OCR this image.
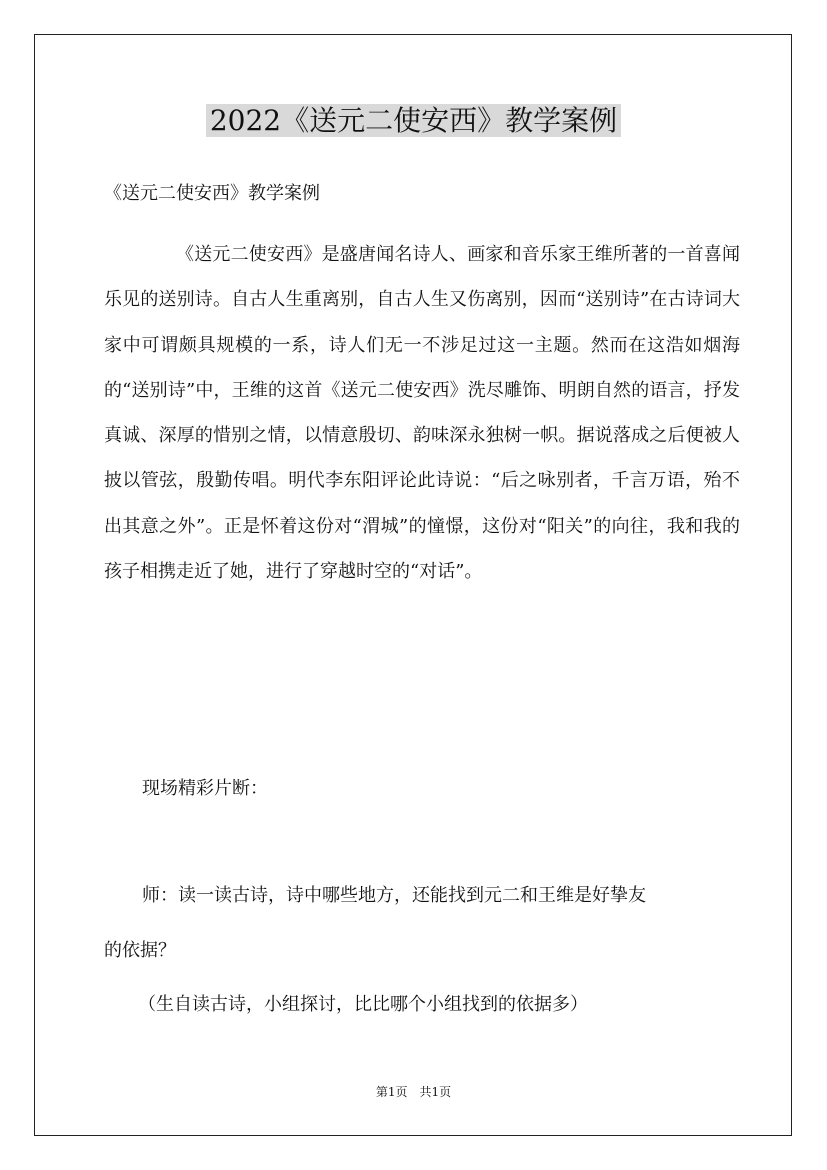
2022《送元二使安西》教学案例
《送元二使安西》教学案例

《送元二使安西》是盛唐闻名诗人、画家和音乐家王维所著的一首喜闻乐见的送别诗。自古人生重离别，自古人生又伤离别，因而“送别诗”在古诗词大家中可谓颇具规模的一系，诗人们无一不涉足过这一主题。然而在这浩如烟海的“送别诗”中，王维的这首《送元二使安西》洗尽雕饰、明朗自然的语言，抒发真诚、深厚的惜别之情，以情意殷切、韵味深永独树一帜。据说落成之后便被人披以管弦，殷勤传唱。明代李东阳评论此诗说：“后之咏别者，千言万语，殆不出其意之外”。正是怀着这份对“渭城”的憧憬，这份对“阳关”的向往，我和我的孩子相携走近了她，进行了穿越时空的“对话”。

现场精彩片断：

师：读一读古诗，诗中哪些地方，还能找到元二和王维是好挚友

的依据？

（生自读古诗，小组探讨，比比哪个小组找到的依据多）

第1页　共1页
